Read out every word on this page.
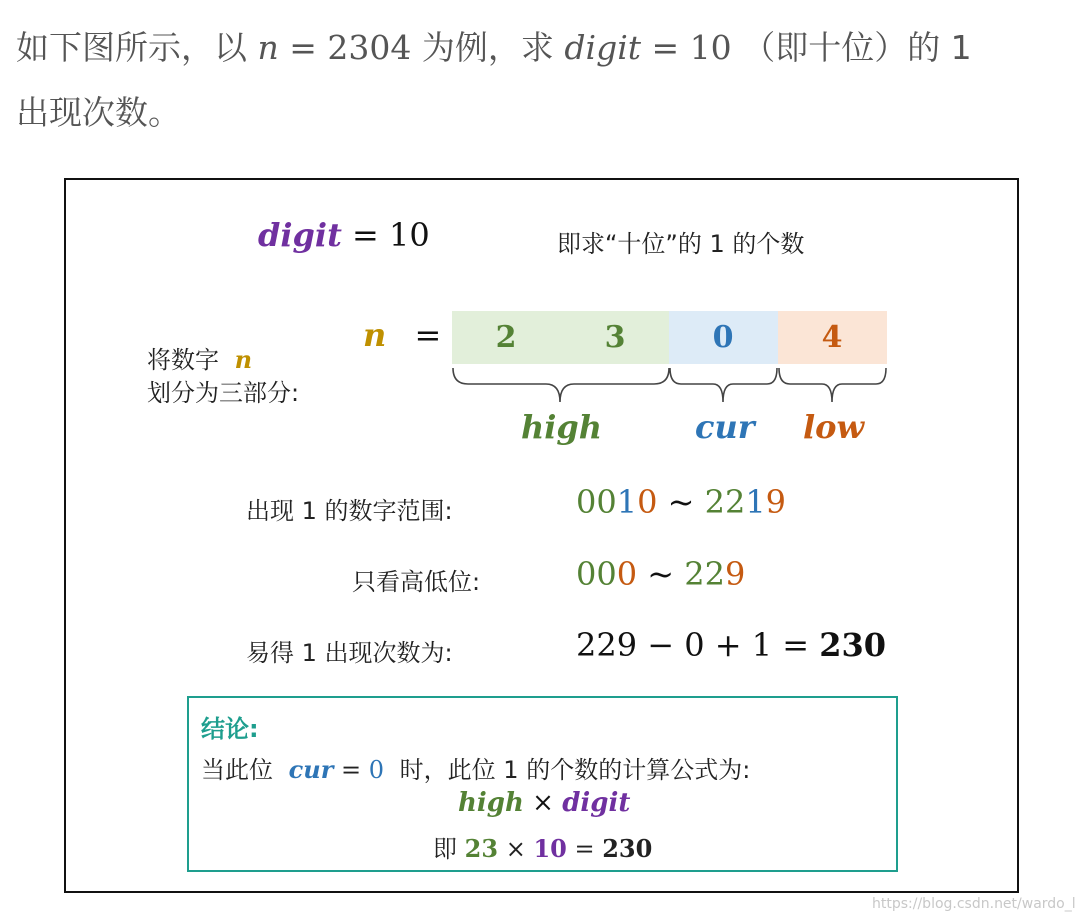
如下图所示，以 n = 2304 为例，求 digit = 10 （即十位）的 1
出现次数。
digit = 10	即求“十位”的 1 的个数
将数字 n
划分为三部分:
n =	2	3	0	4
high	cur low
出现 1 的数字范围:	0010 ~ 2219
只看高低位:	000 ~ 229
易得 1 出现次数为:	229 − 0 + 1 = 230
结论:
当此位 cur = 0 时，此位 1 的个数的计算公式为:
high × digit
即 23 × 10 = 230
https://blog.csdn.net/wardo_l
